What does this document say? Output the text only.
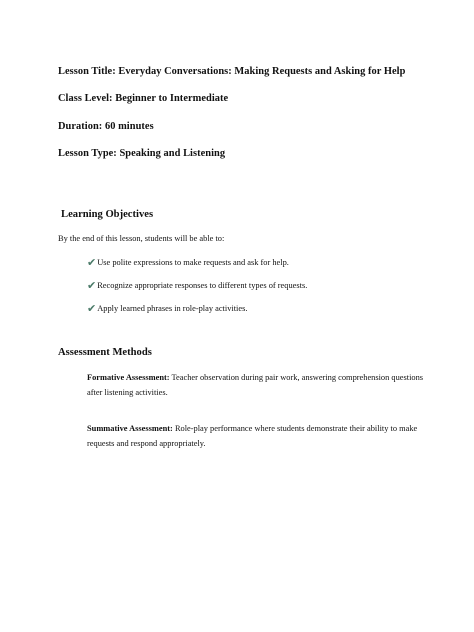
Lesson Title: Everyday Conversations: Making Requests and Asking for Help
Class Level: Beginner to Intermediate
Duration: 60 minutes
Lesson Type: Speaking and Listening
Learning Objectives
By the end of this lesson, students will be able to:
✔ Use polite expressions to make requests and ask for help.
✔ Recognize appropriate responses to different types of requests.
✔ Apply learned phrases in role-play activities.
Assessment Methods
Formative Assessment: Teacher observation during pair work, answering comprehension questions after listening activities.
Summative Assessment: Role-play performance where students demonstrate their ability to make requests and respond appropriately.
